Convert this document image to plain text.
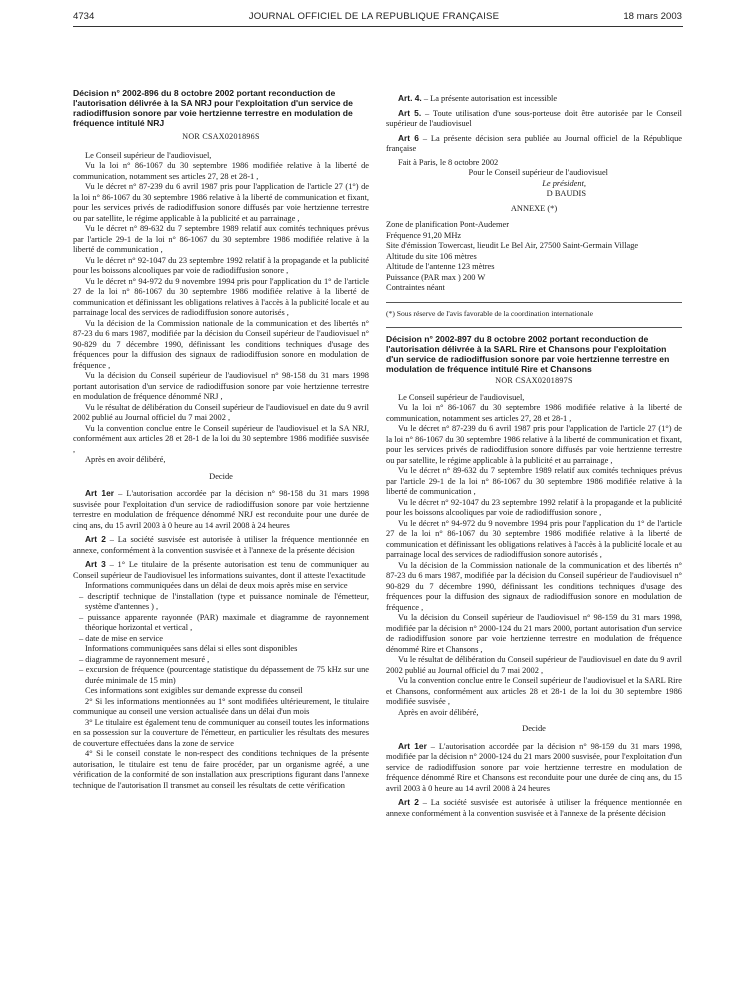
4734	JOURNAL OFFICIEL DE LA REPUBLIQUE FRANÇAISE	18 mars 2003

Décision n° 2002-896 du 8 octobre 2002 portant reconduction de l'autorisation délivrée à la SA NRJ pour l'exploitation d'un service de radiodiffusion sonore par voie hertzienne terrestre en modulation de fréquence intitulé NRJ

NOR CSAX0201896S

Le Conseil supérieur de l'audiovisuel,

Vu la loi n° 86-1067 du 30 septembre 1986 modifiée relative à la liberté de communication, notamment ses articles 27, 28 et 28-1 ,

Vu le décret n° 87-239 du 6 avril 1987 pris pour l'application de l'article 27 (1°) de la loi n° 86-1067 du 30 septembre 1986 relative à la liberté de communication et fixant, pour les services privés de radiodiffusion sonore diffusés par voie hertzienne terrestre ou par satellite, le régime applicable à la publicité et au parrainage ,

Vu le décret n° 89-632 du 7 septembre 1989 relatif aux comités techniques prévus par l'article 29-1 de la loi n° 86-1067 du 30 septembre 1986 modifiée relative à la liberté de communication ,

Vu le décret n° 92-1047 du 23 septembre 1992 relatif à la propagande et la publicité pour les boissons alcooliques par voie de radiodiffusion sonore ,

Vu le décret n° 94-972 du 9 novembre 1994 pris pour l'application du 1° de l'article 27 de la loi n° 86-1067 du 30 septembre 1986 modifiée relative à la liberté de communication et définissant les obligations relatives à l'accès à la publicité locale et au parrainage local des services de radiodiffusion sonore autorisés ,

Vu la décision de la Commission nationale de la communication et des libertés n° 87-23 du 6 mars 1987, modifiée par la décision du Conseil supérieur de l'audiovisuel n° 90-829 du 7 décembre 1990, définissant les conditions techniques d'usage des fréquences pour la diffusion des signaux de radiodiffusion sonore en modulation de fréquence ,

Vu la décision du Conseil supérieur de l'audiovisuel n° 98-158 du 31 mars 1998 portant autorisation d'un service de radiodiffusion sonore par voie hertzienne terrestre en modulation de fréquence dénommé NRJ ,

Vu le résultat de délibération du Conseil supérieur de l'audiovisuel en date du 9 avril 2002 publié au Journal officiel du 7 mai 2002 ,

Vu la convention conclue entre le Conseil supérieur de l'audiovisuel et la SA NRJ, conformément aux articles 28 et 28-1 de la loi du 30 septembre 1986 modifiée susvisée ,

Après en avoir délibéré,

Decide

Art 1er – L'autorisation accordée par la décision n° 98-158 du 31 mars 1998 susvisée pour l'exploitation d'un service de radiodiffusion sonore par voie hertzienne terrestre en modulation de fréquence dénommé NRJ est reconduite pour une durée de cinq ans, du 15 avril 2003 à 0 heure au 14 avril 2008 à 24 heures

Art 2 – La société susvisée est autorisée à utiliser la fréquence mentionnée en annexe, conformément à la convention susvisée et à l'annexe de la présente décision

Art 3 – 1° Le titulaire de la présente autorisation est tenu de communiquer au Conseil supérieur de l'audiovisuel les informations suivantes, dont il atteste l'exactitude

Informations communiquées dans un délai de deux mois après mise en service

– descriptif technique de l'installation (type et puissance nominale de l'émetteur, système d'antennes ) ,

– puissance apparente rayonnée (PAR) maximale et diagramme de rayonnement théorique horizontal et vertical ,

– date de mise en service

Informations communiquées sans délai si elles sont disponibles

– diagramme de rayonnement mesuré ,

– excursion de fréquence (pourcentage statistique du dépassement de 75 kHz sur une durée minimale de 15 min)

Ces informations sont exigibles sur demande expresse du conseil

2° Si les informations mentionnées au 1° sont modifiées ultérieurement, le titulaire communique au conseil une version actualisée dans un délai d'un mois

3° Le titulaire est également tenu de communiquer au conseil toutes les informations en sa possession sur la couverture de l'émetteur, en particulier les résultats des mesures de couverture effectuées dans la zone de service

4° Si le conseil constate le non-respect des conditions techniques de la présente autorisation, le titulaire est tenu de faire procéder, par un organisme agréé, a une vérification de la conformité de son installation aux prescriptions figurant dans l'annexe technique de l'autorisation Il transmet au conseil les résultats de cette vérification

Art. 4. – La présente autorisation est incessible

Art 5. – Toute utilisation d'une sous-porteuse doit être autorisée par le Conseil supérieur de l'audiovisuel

Art 6 – La présente décision sera publiée au Journal officiel de la République française

Fait à Paris, le 8 octobre 2002

Pour le Conseil supérieur de l'audiovisuel

Le président,

D BAUDIS

ANNEXE (*)

Zone de planification Pont-Audemer

Fréquence 91,20 MHz

Site d'émission Towercast, lieudit Le Bel Air, 27500 Saint-Germain Village

Altitude du site 106 mètres

Altitude de l'antenne 123 mètres

Puissance (PAR max ) 200 W

Contraintes néant

(*) Sous réserve de l'avis favorable de la coordination internationale

Décision n° 2002-897 du 8 octobre 2002 portant reconduction de l'autorisation délivrée à la SARL Rire et Chansons pour l'exploitation d'un service de radiodiffusion sonore par voie hertzienne terrestre en modulation de fréquence intitulé Rire et Chansons

NOR CSAX0201897S

Le Conseil supérieur de l'audiovisuel,

Vu la loi n° 86-1067 du 30 septembre 1986 modifiée relative à la liberté de communication, notamment ses articles 27, 28 et 28-1 ,

Vu le décret n° 87-239 du 6 avril 1987 pris pour l'application de l'article 27 (1°) de la loi n° 86-1067 du 30 septembre 1986 relative à la liberté de communication et fixant, pour les services privés de radiodiffusion sonore diffusés par voie hertzienne terrestre ou par satellite, le régime applicable à la publicité et au parrainage ,

Vu le décret n° 89-632 du 7 septembre 1989 relatif aux comités techniques prévus par l'article 29-1 de la loi n° 86-1067 du 30 septembre 1986 modifiée relative à la liberté de communication ,

Vu le décret n° 92-1047 du 23 septembre 1992 relatif à la propagande et la publicité pour les boissons alcooliques par voie de radiodiffusion sonore ,

Vu le décret n° 94-972 du 9 novembre 1994 pris pour l'application du 1° de l'article 27 de la loi n° 86-1067 du 30 septembre 1986 modifiée relative à la liberté de communication et définissant les obligations relatives à l'accès à la publicité locale et au parrainage local des services de radiodiffusion sonore autorisés ,

Vu la décision de la Commission nationale de la communication et des libertés n° 87-23 du 6 mars 1987, modifiée par la décision du Conseil supérieur de l'audiovisuel n° 90-829 du 7 décembre 1990, définissant les conditions techniques d'usage des fréquences pour la diffusion des signaux de radiodiffusion sonore en modulation de fréquence ,

Vu la décision du Conseil supérieur de l'audiovisuel n° 98-159 du 31 mars 1998, modifiée par la décision n° 2000-124 du 21 mars 2000, portant autorisation d'un service de radiodiffusion sonore par voie hertzienne terrestre en modulation de fréquence dénommé Rire et Chansons ,

Vu le résultat de délibération du Conseil supérieur de l'audiovisuel en date du 9 avril 2002 publié au Journal officiel du 7 mai 2002 ,

Vu la convention conclue entre le Conseil supérieur de l'audiovisuel et la SARL Rire et Chansons, conformément aux articles 28 et 28-1 de la loi du 30 septembre 1986 modifiée susvisée ,

Après en avoir délibéré,

Decide

Art 1er – L'autorisation accordée par la décision n° 98-159 du 31 mars 1998, modifiée par la décision n° 2000-124 du 21 mars 2000 susvisée, pour l'exploitation d'un service de radiodiffusion sonore par voie hertzienne terrestre en modulation de fréquence dénommé Rire et Chansons est reconduite pour une durée de cinq ans, du 15 avril 2003 à 0 heure au 14 avril 2008 à 24 heures

Art 2 – La société susvisée est autorisée à utiliser la fréquence mentionnée en annexe conformément à la convention susvisée et à l'annexe de la présente décision
